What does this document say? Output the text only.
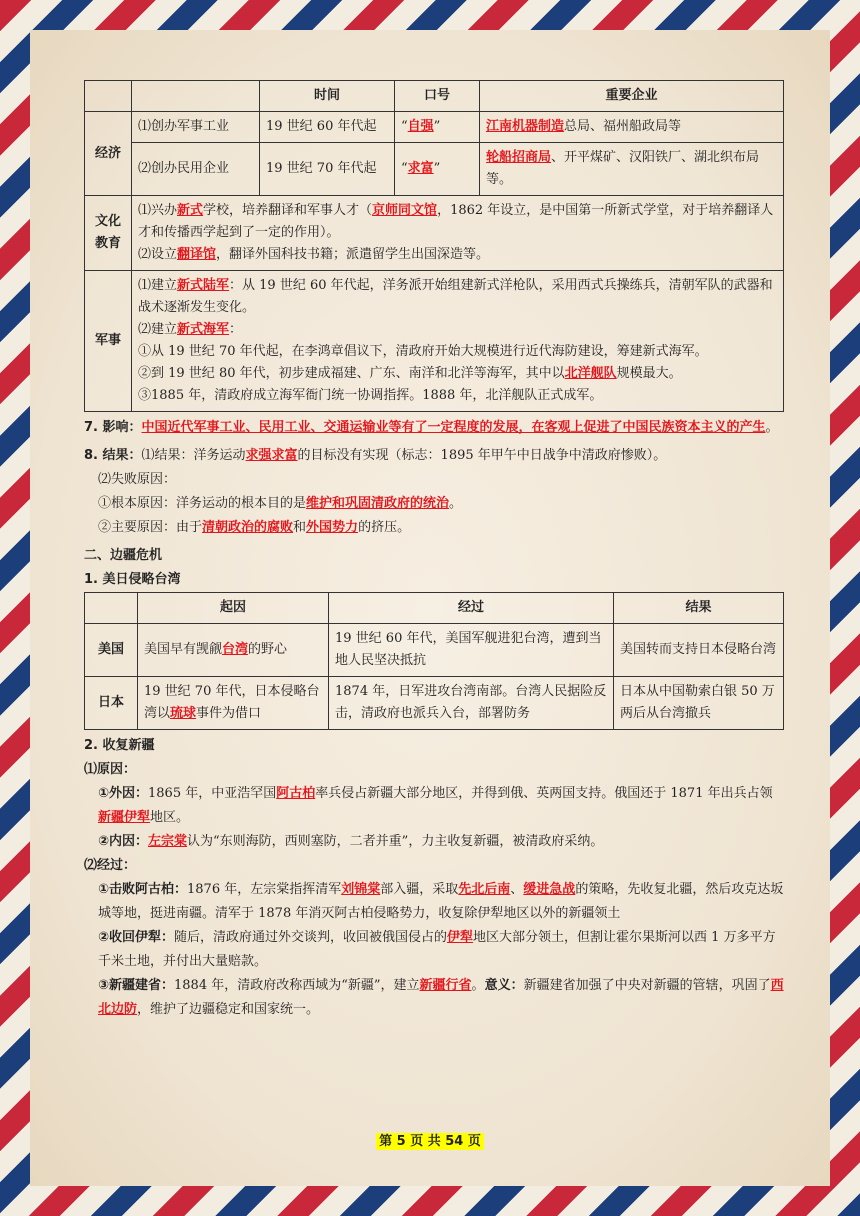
		时间	口号	重要企业
经济	⑴创办军事工业	19 世纪 60 年代起	“自强”	江南机器制造总局、福州船政局等
	⑵创办民用企业	19 世纪 70 年代起	“求富”	轮船招商局、开平煤矿、汉阳铁厂、湖北织布局等。
文化教育	⑴兴办新式学校，培养翻译和军事人才（京师同文馆，1862 年设立，是中国第一所新式学堂，对于培养翻译人才和传播西学起到了一定的作用）。

⑵设立翻译馆，翻译外国科技书籍；派遣留学生出国深造等。			

军事	⑴建立新式陆军：从 19 世纪 60 年代起，洋务派开始组建新式洋枪队，采用西式兵操练兵，清朝军队的武器和战术逐渐发生变化。

⑵建立新式海军：

①从 19 世纪 70 年代起，在李鸿章倡议下，清政府开始大规模进行近代海防建设，筹建新式海军。

②到 19 世纪 80 年代，初步建成福建、广东、南洋和北洋等海军，其中以北洋舰队规模最大。

③1885 年，清政府成立海军衙门统一协调指挥。1888 年，北洋舰队正式成军。			

7. 影响：中国近代军事工业、民用工业、交通运输业等有了一定程度的发展，在客观上促进了中国民族资本主义的产生。

8. 结果：⑴结果：洋务运动求强求富的目标没有实现（标志：1895 年甲午中日战争中清政府惨败）。

⑵失败原因：

①根本原因：洋务运动的根本目的是维护和巩固清政府的统治。

②主要原因：由于清朝政治的腐败和外国势力的挤压。

二、边疆危机

1. 美日侵略台湾

	起因	经过	结果
美国	美国早有觊觎台湾的野心	19 世纪 60 年代，美国军舰进犯台湾，遭到当地人民坚决抵抗	美国转而支持日本侵略台湾
日本	19 世纪 70 年代，日本侵略台湾以琉球事件为借口	1874 年，日军进攻台湾南部。台湾人民据险反击，清政府也派兵入台，部署防务	日本从中国勒索白银 50 万两后从台湾撤兵

2. 收复新疆

⑴原因：

①外因：1865 年，中亚浩罕国阿古柏率兵侵占新疆大部分地区，并得到俄、英两国支持。俄国还于 1871 年出兵占领新疆伊犁地区。

②内因：左宗棠认为“东则海防，西则塞防，二者并重”，力主收复新疆，被清政府采纳。

⑵经过：

①击败阿古柏：1876 年，左宗棠指挥清军刘锦棠部入疆，采取先北后南、缓进急战的策略，先收复北疆，然后攻克达坂城等地，挺进南疆。清军于 1878 年消灭阿古柏侵略势力，收复除伊犁地区以外的新疆领土

②收回伊犁：随后，清政府通过外交谈判，收回被俄国侵占的伊犁地区大部分领土，但割让霍尔果斯河以西 1 万多平方千米土地，并付出大量赔款。

③新疆建省：1884 年，清政府改称西域为“新疆”，建立新疆行省。意义：新疆建省加强了中央对新疆的管辖，巩固了西北边防，维护了边疆稳定和国家统一。

第 5 页 共 54 页
